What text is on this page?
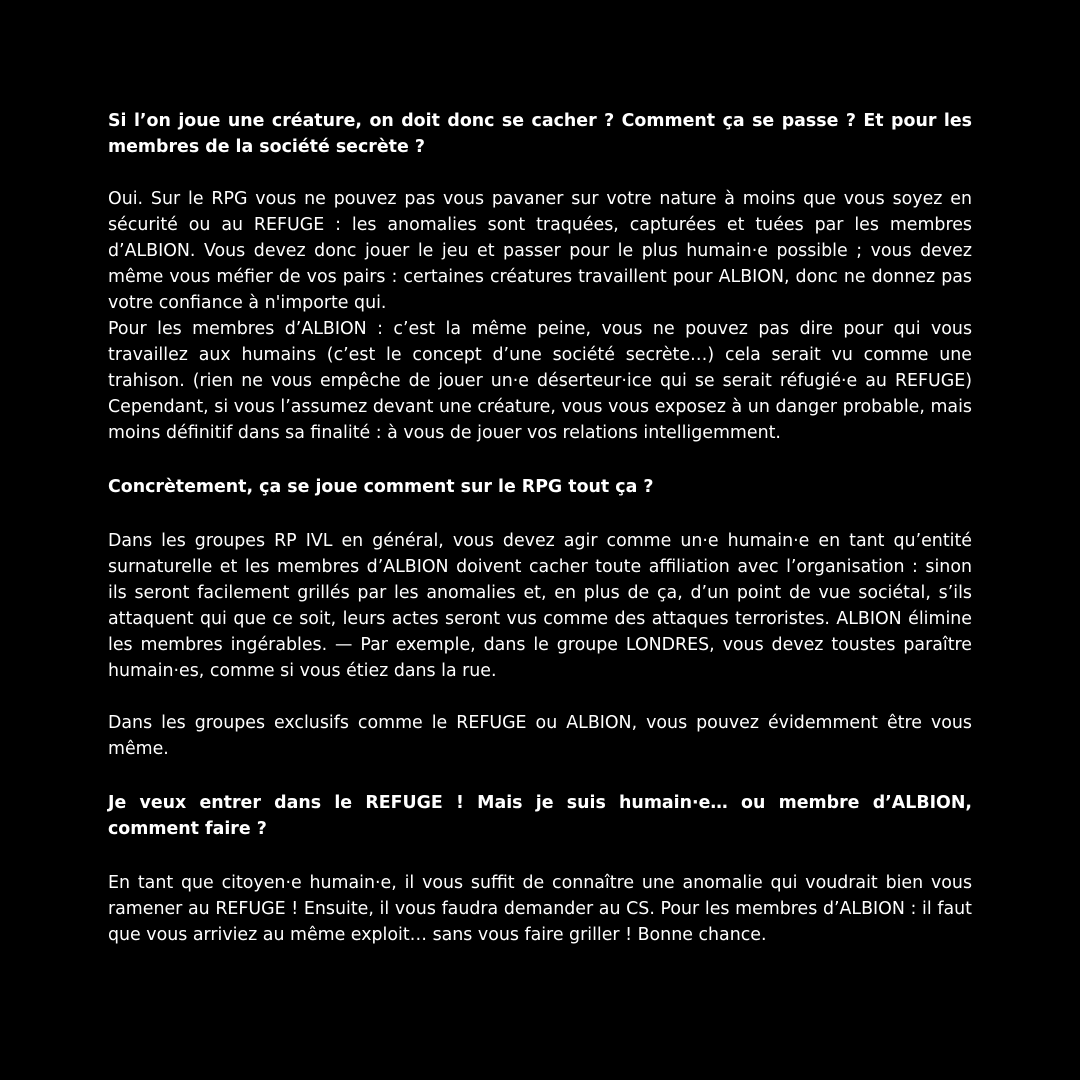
Si l’on joue une créature, on doit donc se cacher ? Comment ça se passe ? Et pour les membres de la société secrète ?

Oui. Sur le RPG vous ne pouvez pas vous pavaner sur votre nature à moins que vous soyez en sécurité ou au REFUGE : les anomalies sont traquées, capturées et tuées par les membres d’ALBION. Vous devez donc jouer le jeu et passer pour le plus humain·e possible ; vous devez même vous méfier de vos pairs : certaines créatures travaillent pour ALBION, donc ne donnez pas votre confiance à n'importe qui.

Pour les membres d’ALBION : c’est la même peine, vous ne pouvez pas dire pour qui vous travaillez aux humains (c’est le concept d’une société secrète…) cela serait vu comme une trahison. (rien ne vous empêche de jouer un·e déserteur·ice qui se serait réfugié·e au REFUGE) Cependant, si vous l’assumez devant une créature, vous vous exposez à un danger probable, mais moins définitif dans sa finalité : à vous de jouer vos relations intelligemment.

Concrètement, ça se joue comment sur le RPG tout ça ?

Dans les groupes RP IVL en général, vous devez agir comme un·e humain·e en tant qu’entité surnaturelle et les membres d’ALBION doivent cacher toute affiliation avec l’organisation : sinon ils seront facilement grillés par les anomalies et, en plus de ça, d’un point de vue sociétal, s’ils attaquent qui que ce soit, leurs actes seront vus comme des attaques terroristes. ALBION élimine les membres ingérables. — Par exemple, dans le groupe LONDRES, vous devez toustes paraître humain·es, comme si vous étiez dans la rue.

Dans les groupes exclusifs comme le REFUGE ou ALBION, vous pouvez évidemment être vous même.

Je veux entrer dans le REFUGE ! Mais je suis humain·e… ou membre d’ALBION, comment faire ?

En tant que citoyen·e humain·e, il vous suffit de connaître une anomalie qui voudrait bien vous ramener au REFUGE ! Ensuite, il vous faudra demander au CS. Pour les membres d’ALBION : il faut que vous arriviez au même exploit… sans vous faire griller ! Bonne chance.
